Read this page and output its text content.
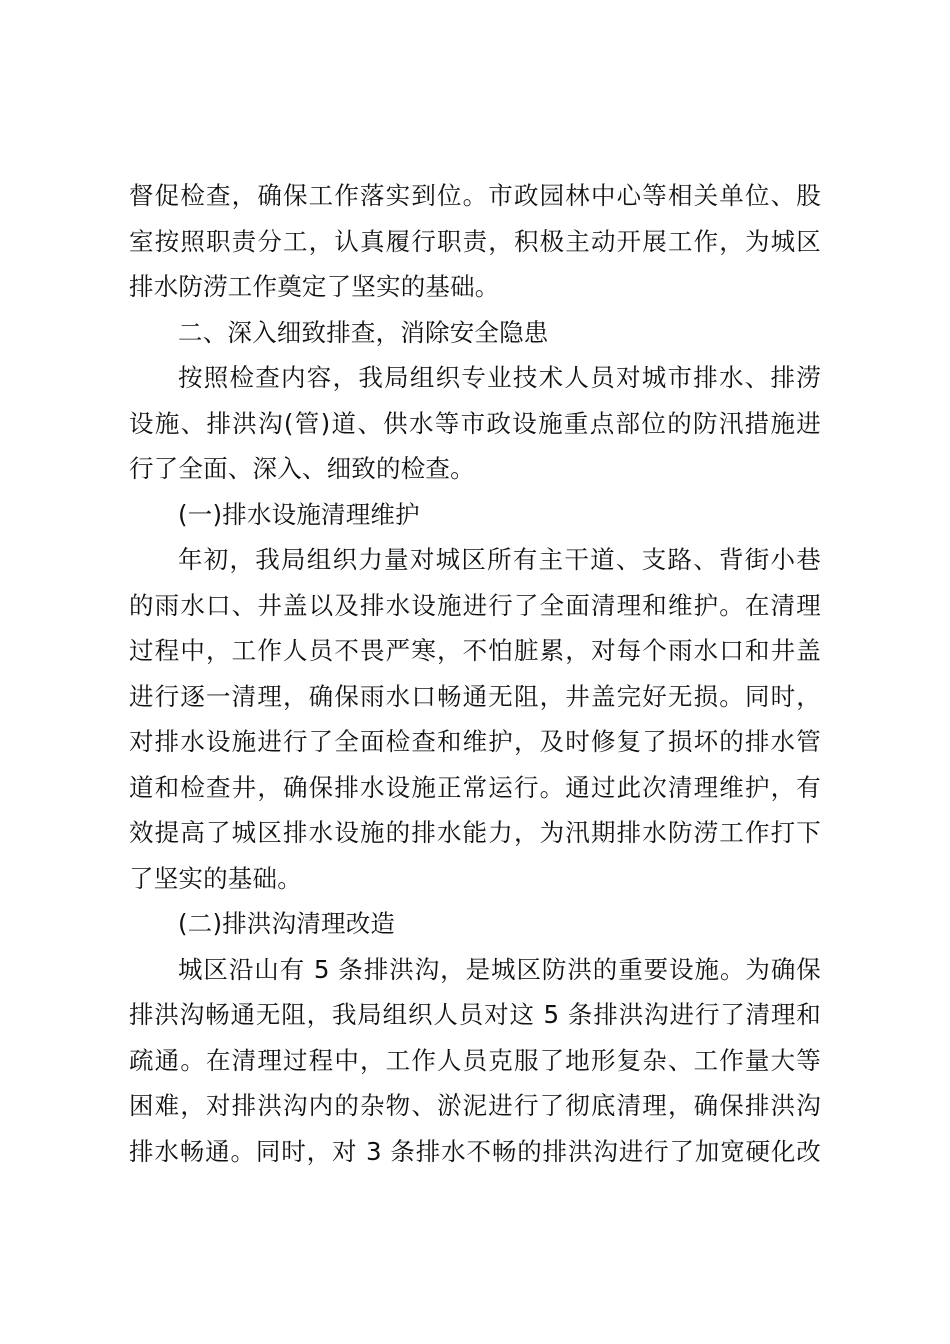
督促检查，确保工作落实到位。市政园林中心等相关单位、股
室按照职责分工，认真履行职责，积极主动开展工作，为城区
排水防涝工作奠定了坚实的基础。

二、深入细致排查，消除安全隐患

按照检查内容，我局组织专业技术人员对城市排水、排涝
设施、排洪沟(管)道、供水等市政设施重点部位的防汛措施进
行了全面、深入、细致的检查。

(一)排水设施清理维护

年初，我局组织力量对城区所有主干道、支路、背街小巷
的雨水口、井盖以及排水设施进行了全面清理和维护。在清理
过程中，工作人员不畏严寒，不怕脏累，对每个雨水口和井盖
进行逐一清理，确保雨水口畅通无阻，井盖完好无损。同时，
对排水设施进行了全面检查和维护，及时修复了损坏的排水管
道和检查井，确保排水设施正常运行。通过此次清理维护，有
效提高了城区排水设施的排水能力，为汛期排水防涝工作打下
了坚实的基础。

(二)排洪沟清理改造

城区沿山有 5 条排洪沟，是城区防洪的重要设施。为确保
排洪沟畅通无阻，我局组织人员对这 5 条排洪沟进行了清理和
疏通。在清理过程中，工作人员克服了地形复杂、工作量大等
困难，对排洪沟内的杂物、淤泥进行了彻底清理，确保排洪沟
排水畅通。同时，对 3 条排水不畅的排洪沟进行了加宽硬化改
